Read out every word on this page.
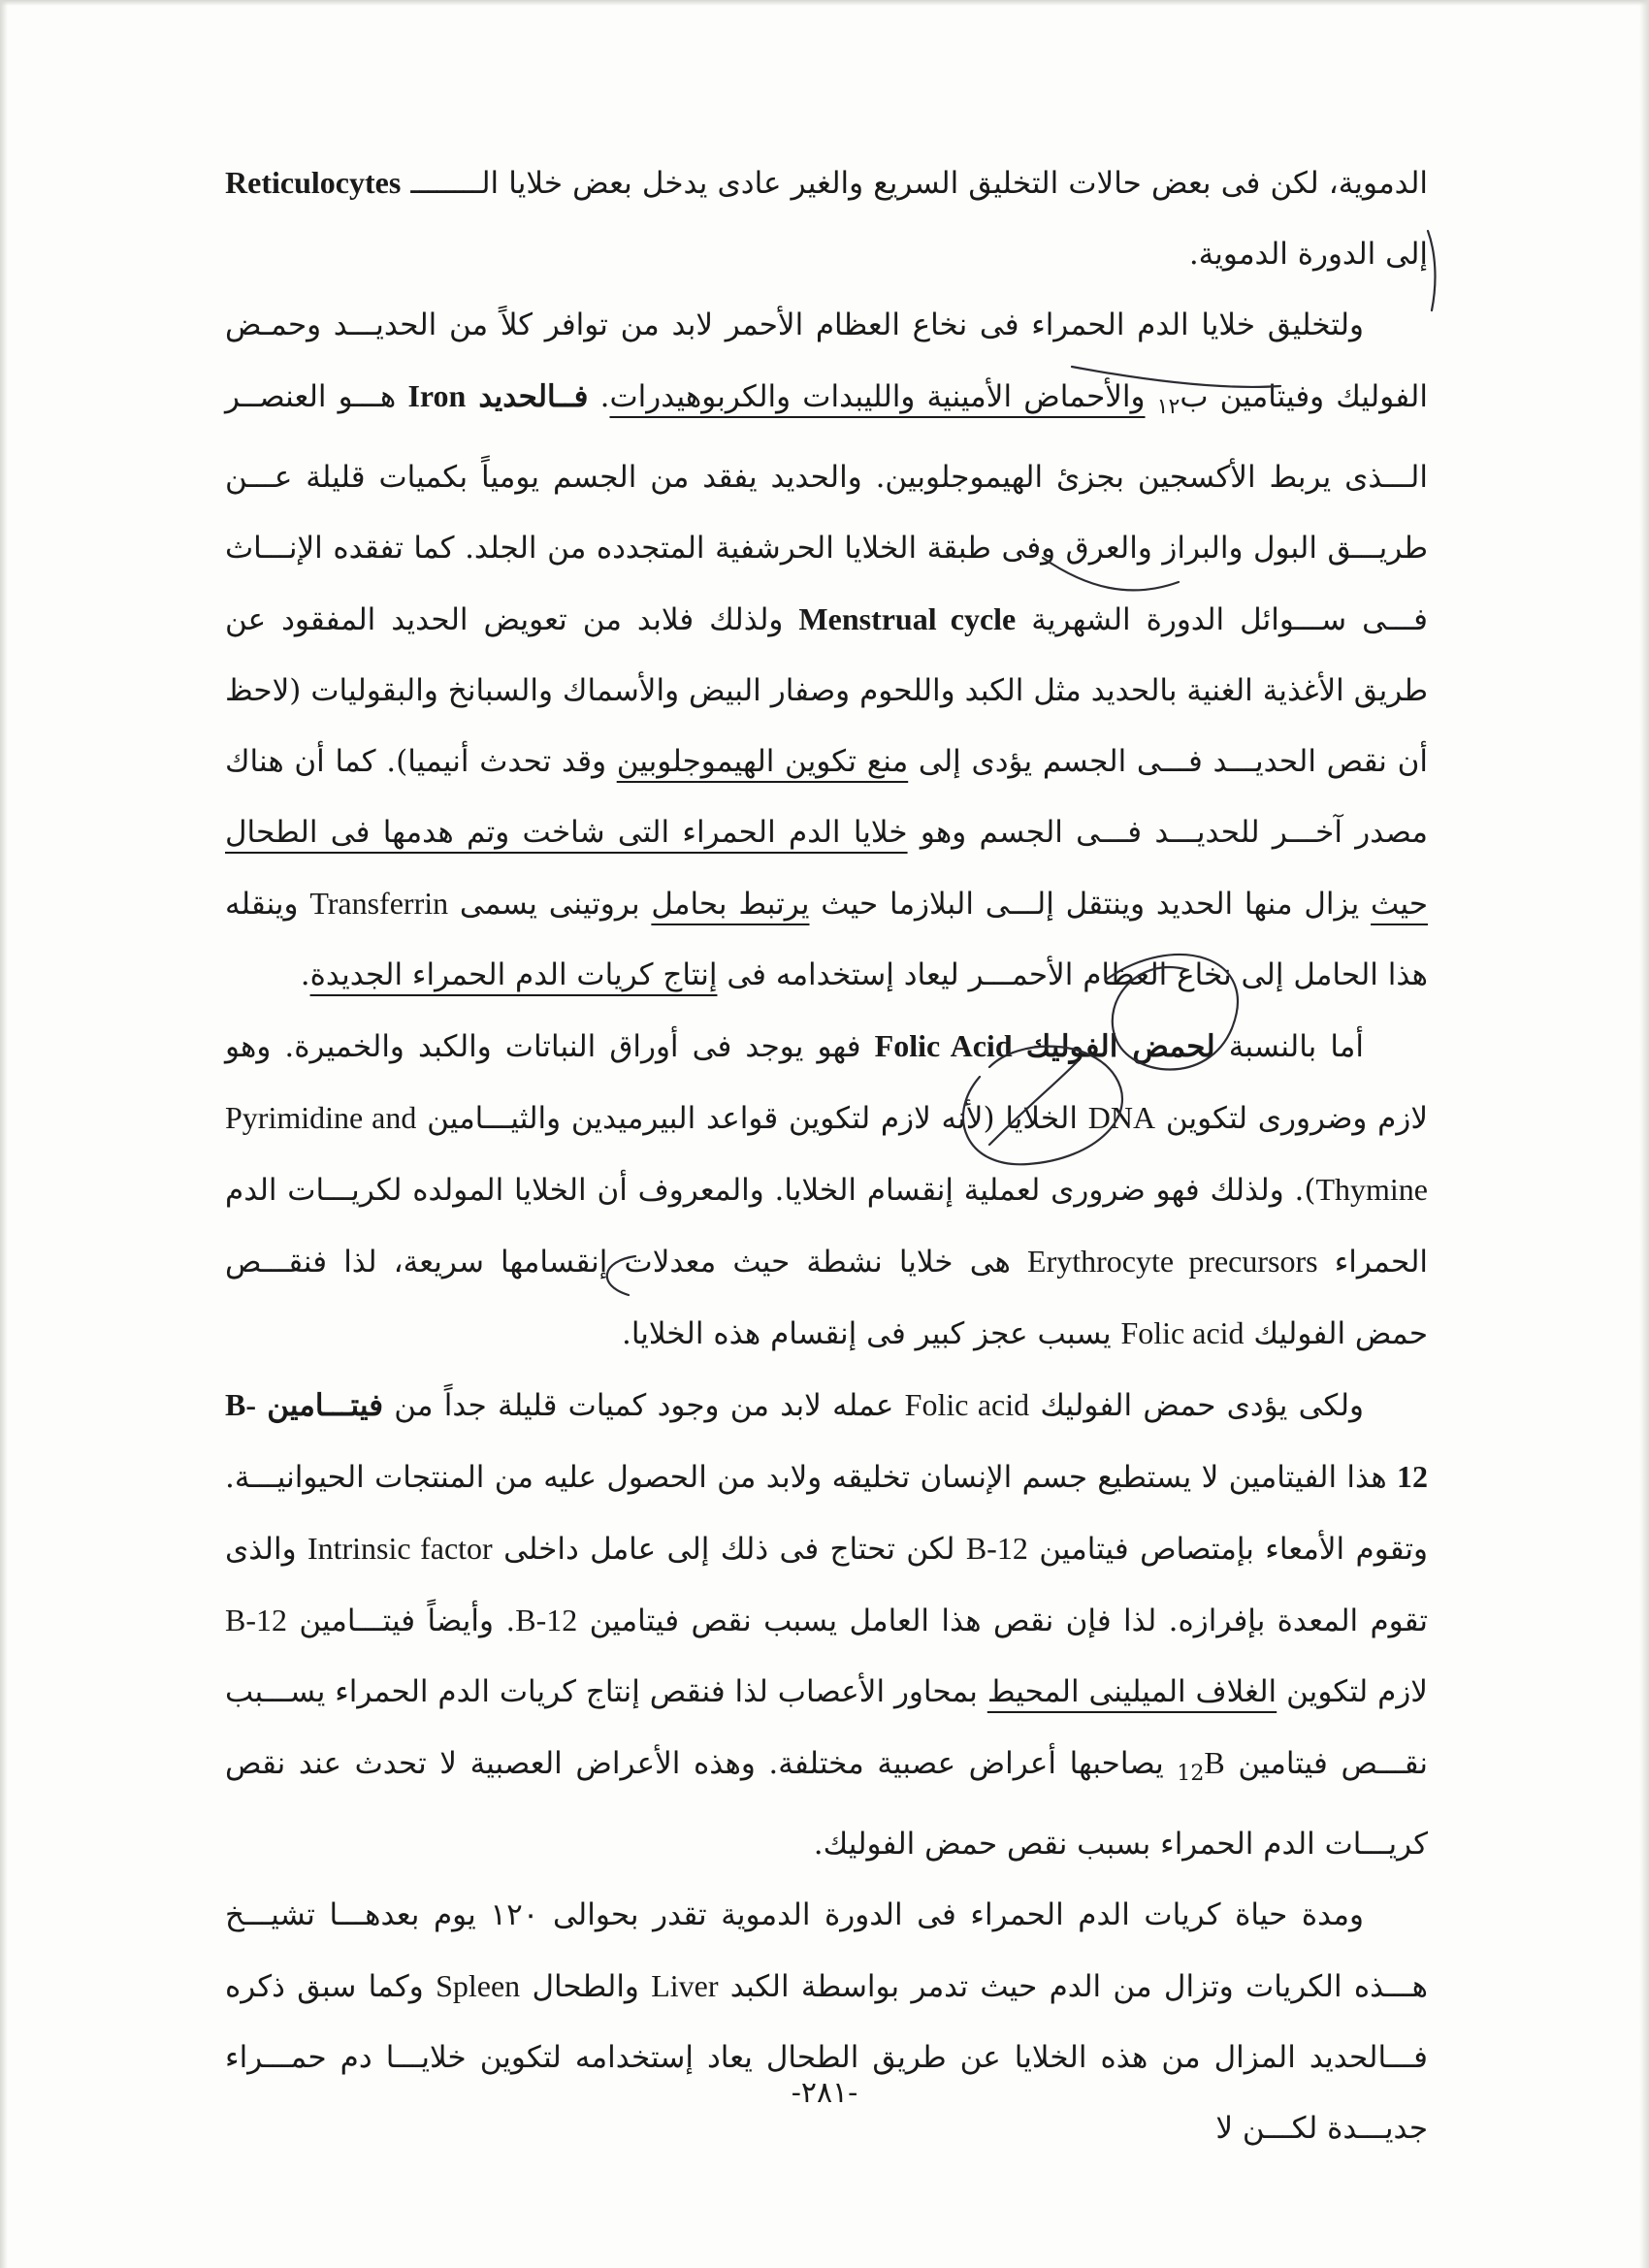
الدموية، لكن فى بعض حالات التخليق السريع والغير عادى يدخل بعض خلايا الــــــــ Reticulocytes إلى الدورة الدموية.

ولتخليق خلايا الدم الحمراء فى نخاع العظام الأحمر لابد من توافر كلاً من الحديـــد وحمـض الفوليك وفيتامين ب$_{١٢}$ والأحماض الأمينية والليبدات والكربوهيدرات. فــالحديد Iron هـــو العنصــر الـــذى يربط الأكسجين بجزئ الهيموجلوبين. والحديد يفقد من الجسم يومياً بكميات قليلة عـــن طريـــق البول والبراز والعرق وفى طبقة الخلايا الحرشفية المتجدده من الجلد. كما تفقده الإنـــاث فـــى ســـوائل الدورة الشهرية Menstrual cycle ولذلك فلابد من تعويض الحديد المفقود عن طريق الأغذية الغنية بالحديد مثل الكبد واللحوم وصفار البيض والأسماك والسبانخ والبقوليات (لاحظ أن نقص الحديـــد فـــى الجسم يؤدى إلى منع تكوين الهيموجلوبين وقد تحدث أنيميا). كما أن هناك مصدر آخـــر للحديـــد فـــى الجسم وهو خلايا الدم الحمراء التى شاخت وتم هدمها فى الطحال حيث يزال منها الحديد وينتقل إلـــى البلازما حيث يرتبط بحامل بروتينى يسمى Transferrin وينقله هذا الحامل إلى نخاع العظام الأحمـــر ليعاد إستخدامه فى إنتاج كريات الدم الحمراء الجديدة.

أما بالنسبة لحمض الفوليك Folic Acid فهو يوجد فى أوراق النباتات والكبد والخميرة. وهو لازم وضرورى لتكوين DNA الخلايا (لأنه لازم لتكوين قواعد البيرميدين والثيـــامين Pyrimidine and Thymine). ولذلك فهو ضرورى لعملية إنقسام الخلايا. والمعروف أن الخلايا المولده لكريـــات الدم الحمراء Erythrocyte precursors هى خلايا نشطة حيث معدلات إنقسامها سريعة، لذا فنقـــص حمض الفوليك Folic acid يسبب عجز كبير فى إنقسام هذه الخلايا.

ولكى يؤدى حمض الفوليك Folic acid عمله لابد من وجود كميات قليلة جداً من فيتـــامين B-12 هذا الفيتامين لا يستطيع جسم الإنسان تخليقه ولابد من الحصول عليه من المنتجات الحيوانيـــة. وتقوم الأمعاء بإمتصاص فيتامين B-12 لكن تحتاج فى ذلك إلى عامل داخلى Intrinsic factor والذى تقوم المعدة بإفرازه. لذا فإن نقص هذا العامل يسبب نقص فيتامين B-12. وأيضاً فيتـــامين B-12 لازم لتكوين الغلاف الميلينى المحيط بمحاور الأعصاب لذا فنقص إنتاج كريات الدم الحمراء يســـبب نقـــص فيتامين $B_{12}$ يصاحبها أعراض عصبية مختلفة. وهذه الأعراض العصبية لا تحدث عند نقص كريـــات الدم الحمراء بسبب نقص حمض الفوليك.

ومدة حياة كريات الدم الحمراء فى الدورة الدموية تقدر بحوالى ١٢٠ يوم بعدهـــا تشيـــخ هـــذه الكريات وتزال من الدم حيث تدمر بواسطة الكبد Liver والطحال Spleen وكما سبق ذكره فـــالحديد المزال من هذه الخلايا عن طريق الطحال يعاد إستخدامه لتكوين خلايـــا دم حمـــراء جديـــدة لكـــن لا

-٢٨١-
